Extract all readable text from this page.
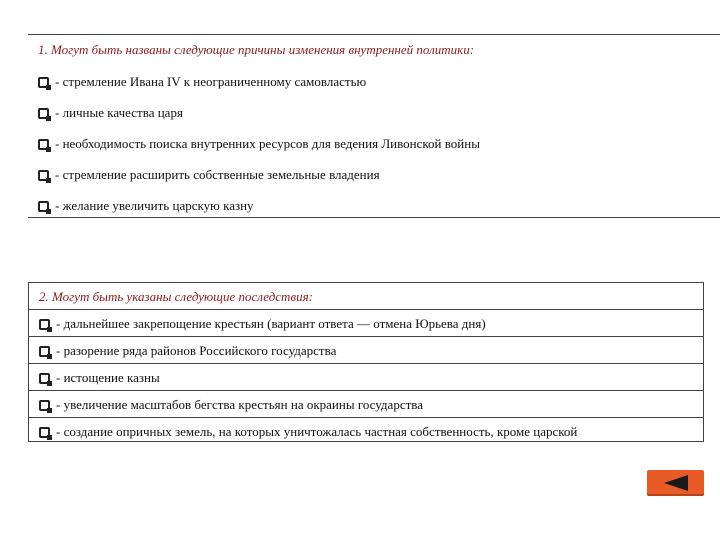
1. Могут быть названы следующие причины изменения внутренней политики:
- стремление Ивана IV к неограниченному самовластью
- личные качества царя
- необходимость поиска внутренних ресурсов для ведения Ливонской войны
- стремление расширить собственные земельные владения
- желание увеличить царскую казну
2. Могут быть указаны следующие последствия:
- дальнейшее закрепощение крестьян (вариант ответа — отмена Юрьева дня)
- разорение ряда районов Российского государства
- истощение казны
- увеличение масштабов бегства крестьян на окраины государства
- создание опричных земель, на которых уничтожалась частная собственность, кроме царской
